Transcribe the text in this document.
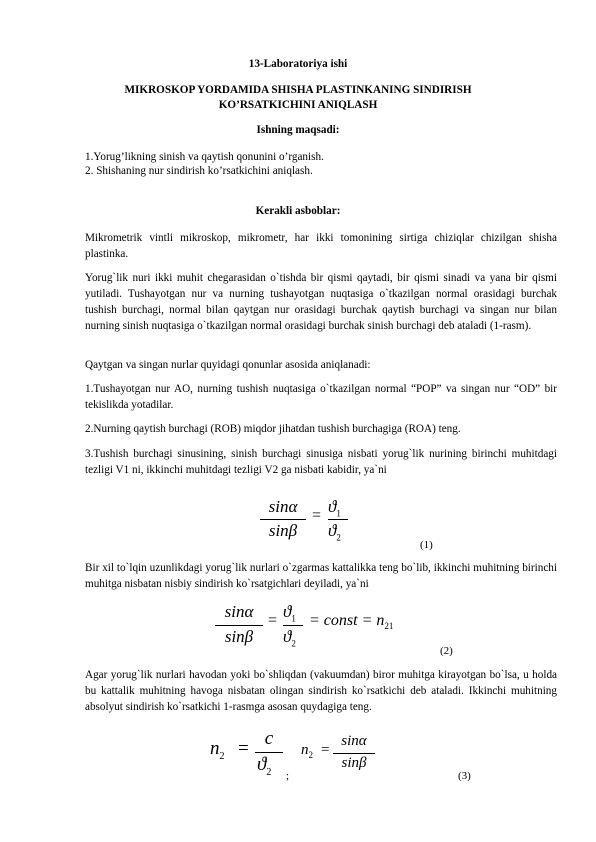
13-Laboratoriya ishi
MIKROSKOP YORDAMIDA SHISHA PLASTINKANING SINDIRISH
KO’RSATKICHINI ANIQLASH
Ishning maqsadi:
1.Yorug’likning sinish va qaytish qonunini o’rganish.
2. Shishaning nur sindirish ko’rsatkichini aniqlash.
Kerakli asboblar:

Mikrometrik vintli mikroskop, mikrometr, har ikki tomonining sirtiga chiziqlar chizilgan shisha plastinka.

Yorug`lik nuri ikki muhit chegarasidan o`tishda bir qismi qaytadi, bir qismi sinadi va yana bir qismi yutiladi. Tushayotgan nur va nurning tushayotgan nuqtasiga o`tkazilgan normal orasidagi burchak tushish burchagi, normal bilan qaytgan nur orasidagi burchak qaytish burchagi va singan nur bilan nurning sinish nuqtasiga o`tkazilgan normal orasidagi burchak sinish burchagi deb ataladi (1-rasm).

Qaytgan va singan nurlar quyidagi qonunlar asosida aniqlanadi:

1.Tushayotgan nur AO, nurning tushish nuqtasiga o`tkazilgan normal “POP” va singan nur “OD” bir tekislikda yotadilar.

2.Nurning qaytish burchagi (ROB) miqdor jihatdan tushish burchagiga (ROA) teng.

3.Tushish burchagi sinusining, sinish burchagi sinusiga nisbati yorug`lik nurining birinchi muhitdagi tezligi V1 ni, ikkinchi muhitdagi tezligi V2 ga nisbati kabidir, ya`ni

sinα
sinβ
= $ϑ_1$
$ϑ_2$
(1)

Bir xil to`lqin uzunlikdagi yorug`lik nurlari o`zgarmas kattalikka teng bo`lib, ikkinchi muhitning birinchi muhitga nisbatan nisbiy sindirish ko`rsatgichlari deyiladi, ya`ni

sinα
sinβ
= $ϑ_1$
$ϑ_2$
= const = $n_{21}$
(2)

Agar yorug`lik nurlari havodan yoki bo`shliqdan (vakuumdan) biror muhitga kirayotgan bo`lsa, u holda bu kattalik muhitning havoga nisbatan olingan sindirish ko`rsatkichi deb ataladi. Ikkinchi muhitning absolyut sindirish ko`rsatkichi 1-rasmga asosan quydagiga teng.

$n_2 = c$
$ϑ_2$ ;
$n_2$ =
sinα
sinβ
(3)
